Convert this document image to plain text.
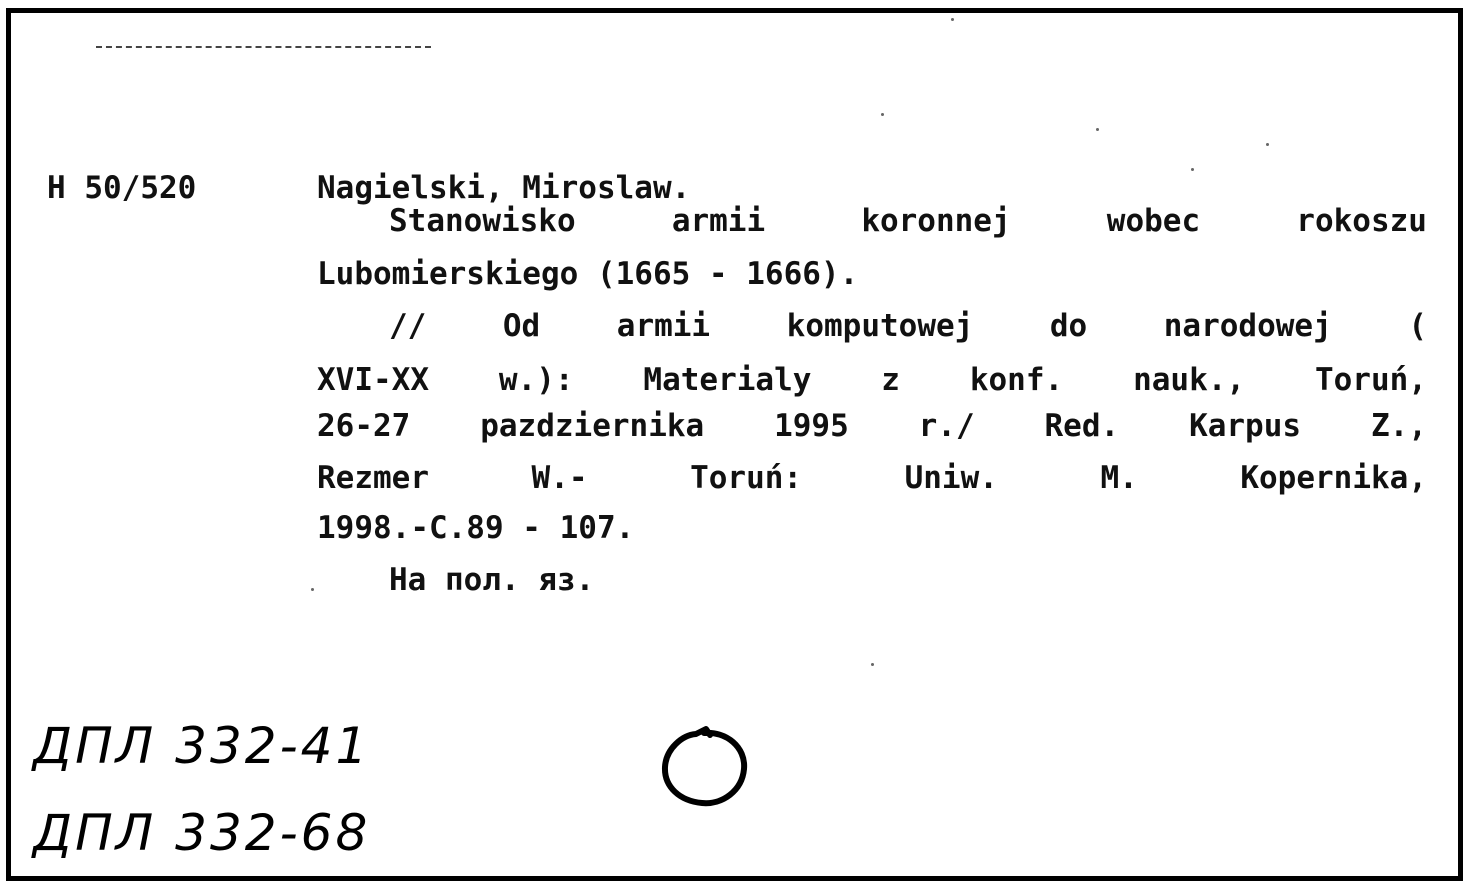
H 50/520	Nagielski, Miroslaw.
Stanowisko	armii	koronnej	wobec	rokoszu
Lubomierskiego (1665 - 1666).
// Od armii komputowej do narodowej (
XVI-XX w.): Materialy z konf. nauk., Toruń,
26-27 pazdziernika 1995 r./ Red. Karpus Z.,
Rezmer	W.-	Toruń:	Uniw.	M.	Kopernika,
1998.-C.89 - 107.
На пол. яз.
ДПЛ 332-41
ДПЛ 332-68
